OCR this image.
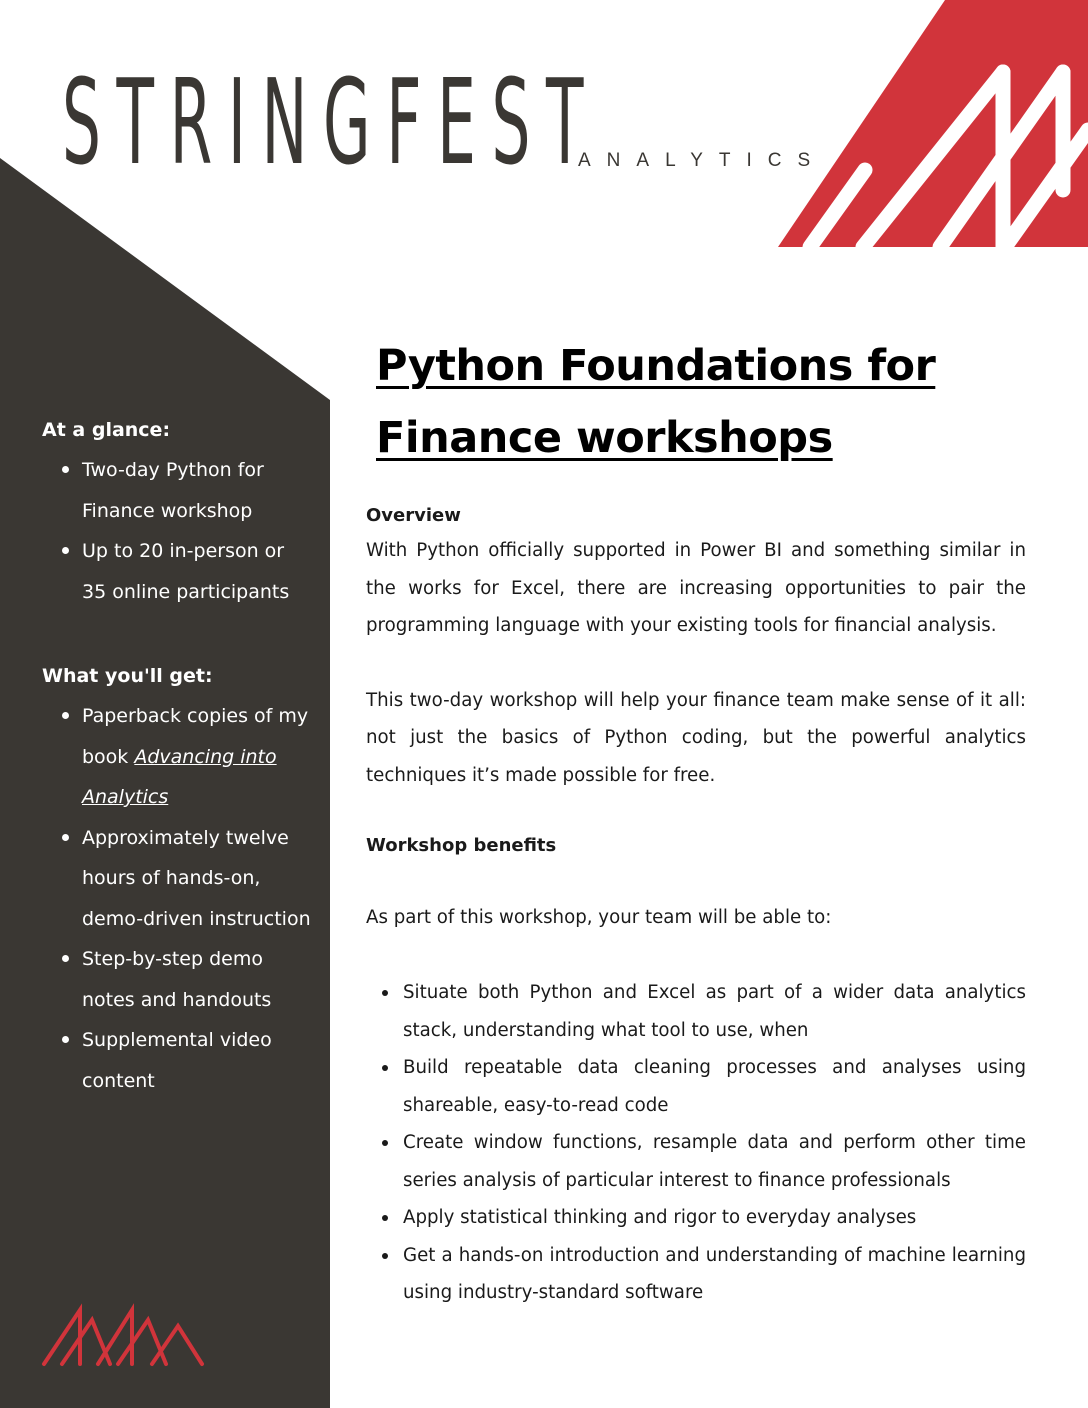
STRINGFEST
ANALYTICS
At a glance:
Two-day Python for Finance workshop
Up to 20 in-person or 35 online participants
What you'll get:
Paperback copies of my book Advancing into Analytics
Approximately twelve hours of hands-on, demo-driven instruction
Step-by-step demo notes and handouts
Supplemental video content
Python Foundations for Finance workshops
Overview

With Python officially supported in Power BI and something similar in the works for Excel, there are increasing opportunities to pair the programming language with your existing tools for financial analysis.

This two-day workshop will help your finance team make sense of it all: not just the basics of Python coding, but the powerful analytics techniques it’s made possible for free.

Workshop benefits

As part of this workshop, your team will be able to:

Situate both Python and Excel as part of a wider data analytics stack, understanding what tool to use, when
Build repeatable data cleaning processes and analyses using shareable, easy-to-read code
Create window functions, resample data and perform other time series analysis of particular interest to finance professionals
Apply statistical thinking and rigor to everyday analyses
Get a hands-on introduction and understanding of machine learning using industry-standard software
